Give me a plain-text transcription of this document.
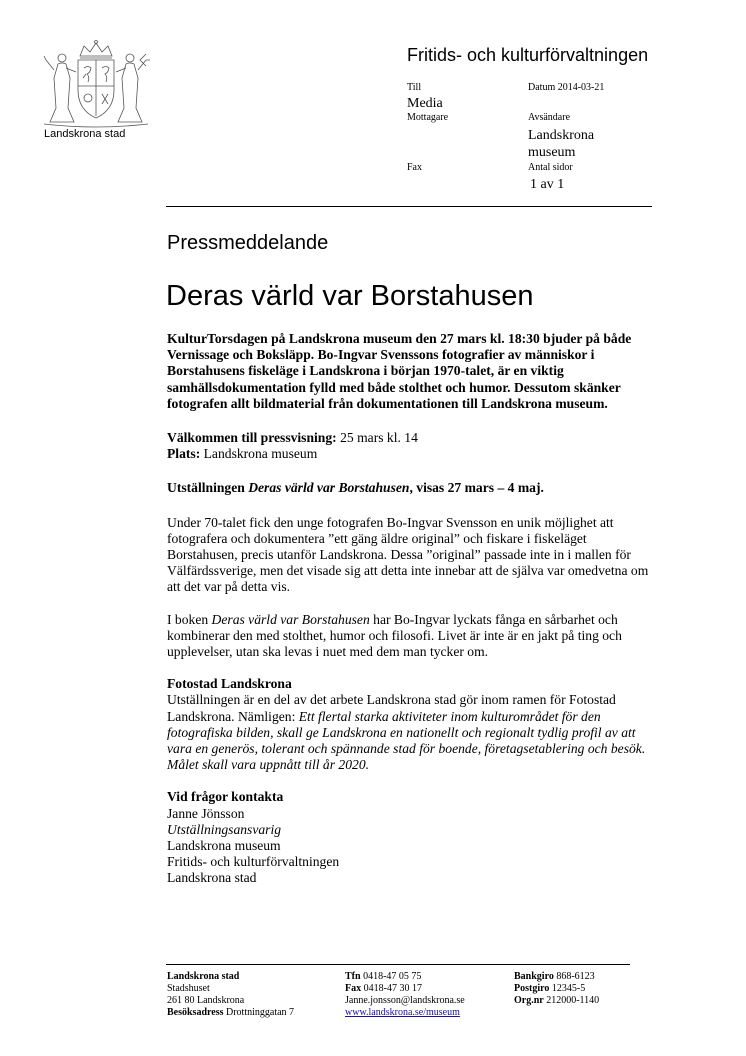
Landskrona stad
Fritids- och kulturförvaltningen
Till
Media
Mottagare
Datum 2014-03-21
Avsändare
Landskrona
museum
Fax	Antal sidor
1 av 1
Pressmeddelande
Deras värld var Borstahusen

KulturTorsdagen på Landskrona museum den 27 mars kl. 18:30 bjuder på både Vernissage och Boksläpp. Bo-Ingvar Svenssons fotografier av människor i Borstahusens fiskeläge i Landskrona i början 1970-talet, är en viktig samhällsdokumentation fylld med både stolthet och humor. Dessutom skänker fotografen allt bildmaterial från dokumentationen till Landskrona museum.

Välkommen till pressvisning: 25 mars kl. 14
Plats: Landskrona museum

Utställningen Deras värld var Borstahusen, visas 27 mars – 4 maj.

Under 70-talet fick den unge fotografen Bo-Ingvar Svensson en unik möjlighet att fotografera och dokumentera ”ett gäng äldre original” och fiskare i fiskeläget Borstahusen, precis utanför Landskrona. Dessa ”original” passade inte in i mallen för Välfärdssverige, men det visade sig att detta inte innebar att de själva var omedvetna om att det var på detta vis.

I boken Deras värld var Borstahusen har Bo-Ingvar lyckats fånga en sårbarhet och kombinerar den med stolthet, humor och filosofi. Livet är inte är en jakt på ting och upplevelser, utan ska levas i nuet med dem man tycker om.

Fotostad Landskrona
Utställningen är en del av det arbete Landskrona stad gör inom ramen för Fotostad Landskrona. Nämligen: Ett flertal starka aktiviteter inom kulturområdet för den fotografiska bilden, skall ge Landskrona en nationellt och regionalt tydlig profil av att vara en generös, tolerant och spännande stad för boende, företagsetablering och besök. Målet skall vara uppnått till år 2020.

Vid frågor kontakta
Janne Jönsson
Utställningsansvarig
Landskrona museum
Fritids- och kulturförvaltningen
Landskrona stad

Landskrona stad
Stadshuset
261 80 Landskrona
Besöksadress Drottninggatan 7
Tfn 0418-47 05 75
Fax 0418-47 30 17
Janne.jonsson@landskrona.se
www.landskrona.se/museum
Bankgiro 868-6123
Postgiro 12345-5
Org.nr 212000-1140
